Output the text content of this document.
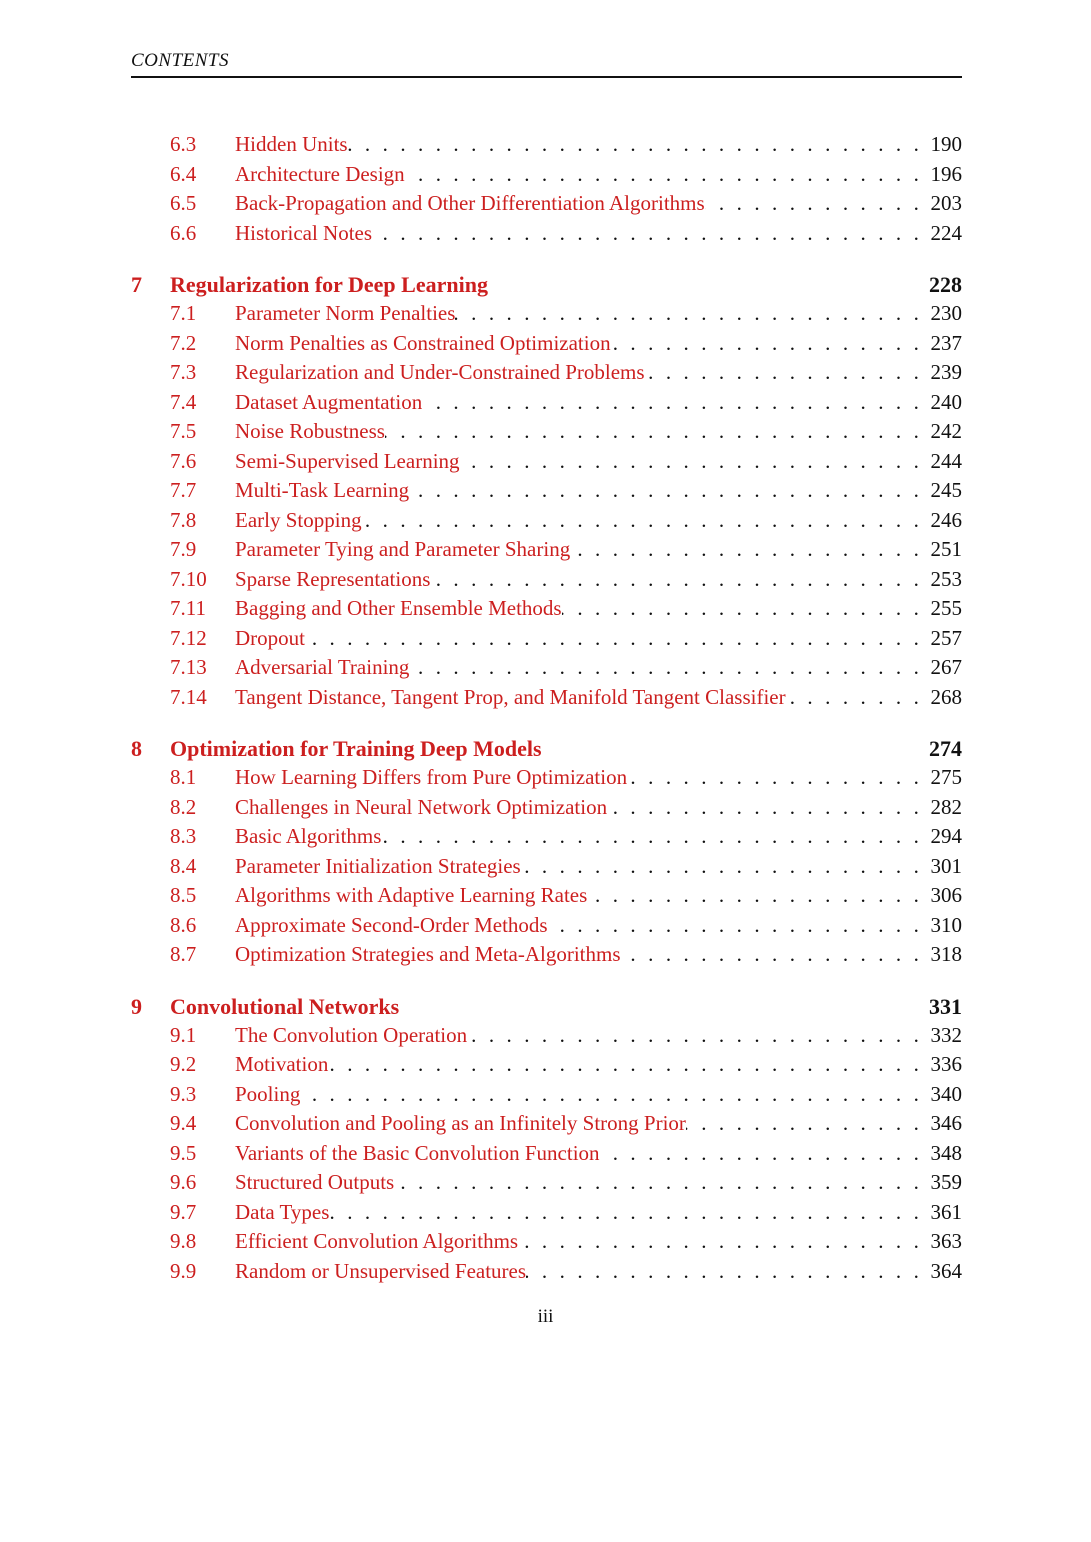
CONTENTS
6.3	Hidden Units . . .	190
6.4	Architecture Design . . .	196
6.5	Back-Propagation and Other Differentiation Algorithms . . .	203
6.6	Historical Notes . . .	224
7	Regularization for Deep Learning	228
7.1	Parameter Norm Penalties . . .	230
7.2	Norm Penalties as Constrained Optimization . . .	237
7.3	Regularization and Under-Constrained Problems . . .	239
7.4	Dataset Augmentation . . .	240
7.5	Noise Robustness . . .	242
7.6	Semi-Supervised Learning . . .	244
7.7	Multi-Task Learning . . .	245
7.8	Early Stopping . . .	246
7.9	Parameter Tying and Parameter Sharing . . .	251
7.10	Sparse Representations . . .	253
7.11	Bagging and Other Ensemble Methods . . .	255
7.12	Dropout . . .	257
7.13	Adversarial Training . . .	267
7.14	Tangent Distance, Tangent Prop, and Manifold Tangent Classifier . . .	268
8	Optimization for Training Deep Models	274
8.1	How Learning Differs from Pure Optimization . . .	275
8.2	Challenges in Neural Network Optimization . . .	282
8.3	Basic Algorithms . . .	294
8.4	Parameter Initialization Strategies . . .	301
8.5	Algorithms with Adaptive Learning Rates . . .	306
8.6	Approximate Second-Order Methods . . .	310
8.7	Optimization Strategies and Meta-Algorithms . . .	318
9	Convolutional Networks	331
9.1	The Convolution Operation . . .	332
9.2	Motivation . . .	336
9.3	Pooling . . .	340
9.4	Convolution and Pooling as an Infinitely Strong Prior . . .	346
9.5	Variants of the Basic Convolution Function . . .	348
9.6	Structured Outputs . . .	359
9.7	Data Types . . .	361
9.8	Efficient Convolution Algorithms . . .	363
9.9	Random or Unsupervised Features . . .	364
iii
